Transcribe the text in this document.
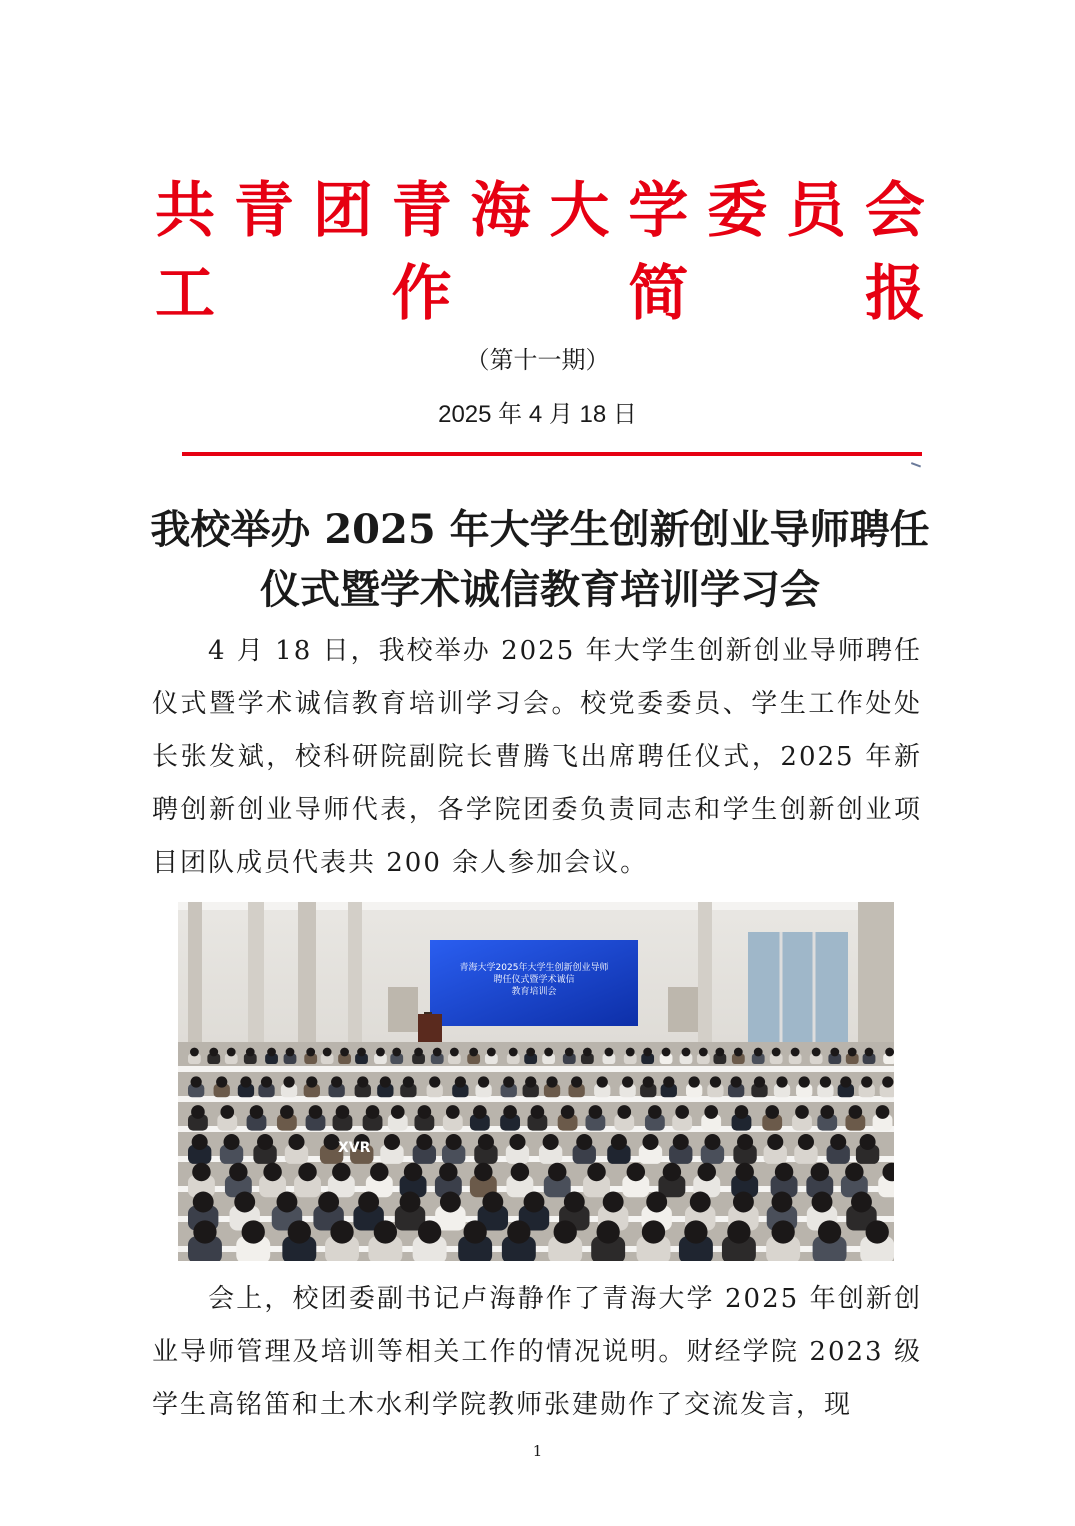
共 青 团 青 海 大 学 委 员 会
工	作	简	报
（第十一期）
2025 年 4 月 18 日
我校举办 2025 年大学生创新创业导师聘任
仪式暨学术诚信教育培训学习会
4 月 18 日，我校举办 2025 年大学生创新创业导师聘任仪式暨学术诚信教育培训学习会。校党委委员、学生工作处处长张发斌，校科研院副院长曹腾飞出席聘任仪式，2025 年新聘创新创业导师代表，各学院团委负责同志和学生创新创业项目团队成员代表共 200 余人参加会议。
青海大学2025年大学生创新创业导师
聘任仪式暨学术诚信
教育培训会
XVR
会上，校团委副书记卢海静作了青海大学 2025 年创新创业导师管理及培训等相关工作的情况说明。财经学院 2023 级学生高铭笛和土木水利学院教师张建勋作了交流发言，现
1
